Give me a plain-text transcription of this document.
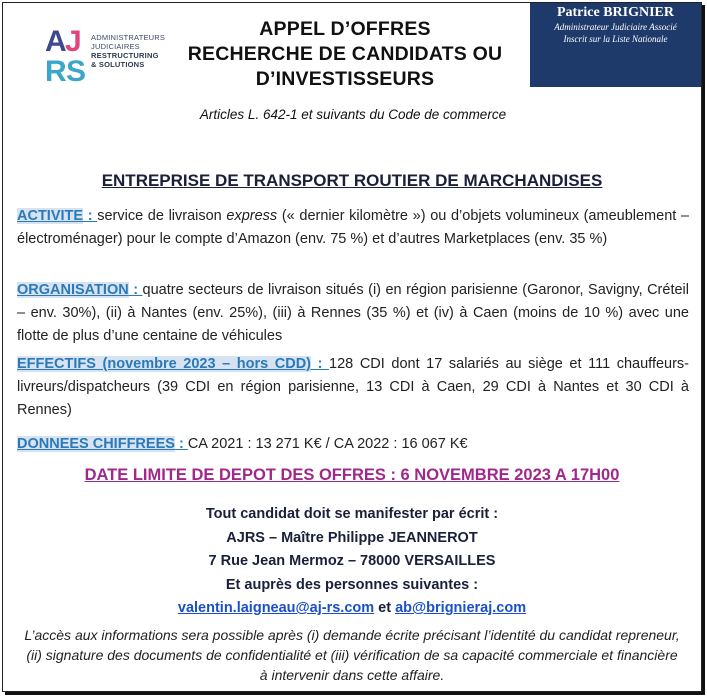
A
J
R S
ADMINISTRATEURS
JUDICIAIRES
RESTRUCTURING
& SOLUTIONS
APPEL D’OFFRES
RECHERCHE DE CANDIDATS OU
D’INVESTISSEURS
Patrice BRIGNIER
Administrateur Judiciaire Associé
Inscrit sur la Liste Nationale
Articles L. 642-1 et suivants du Code de commerce
ENTREPRISE DE TRANSPORT ROUTIER DE MARCHANDISES
ACTIVITE : service de livraison express (« dernier kilomètre ») ou d’objets volumineux (ameublement – électroménager) pour le compte d’Amazon (env. 75 %) et d’autres Marketplaces (env. 35 %)
ORGANISATION : quatre secteurs de livraison situés (i) en région parisienne (Garonor, Savigny, Créteil – env. 30%), (ii) à Nantes (env. 25%), (iii) à Rennes (35 %) et (iv) à Caen (moins de 10 %) avec une flotte de plus d’une centaine de véhicules
EFFECTIFS (novembre 2023 – hors CDD) : 128 CDI dont 17 salariés au siège et 111 chauffeurs-livreurs/dispatcheurs (39 CDI en région parisienne, 13 CDI à Caen, 29 CDI à Nantes et 30 CDI à Rennes)
DONNEES CHIFFREES : CA 2021 : 13 271 K€ / CA 2022 : 16 067 K€
DATE LIMITE DE DEPOT DES OFFRES : 6 NOVEMBRE 2023 A 17H00
Tout candidat doit se manifester par écrit :
AJRS – Maître Philippe JEANNEROT
7 Rue Jean Mermoz – 78000 VERSAILLES
Et auprès des personnes suivantes :
valentin.laigneau@aj-rs.com et ab@brignieraj.com
L’accès aux informations sera possible après (i) demande écrite précisant l’identité du candidat repreneur, (ii) signature des documents de confidentialité et (iii) vérification de sa capacité commerciale et financière à intervenir dans cette affaire.
